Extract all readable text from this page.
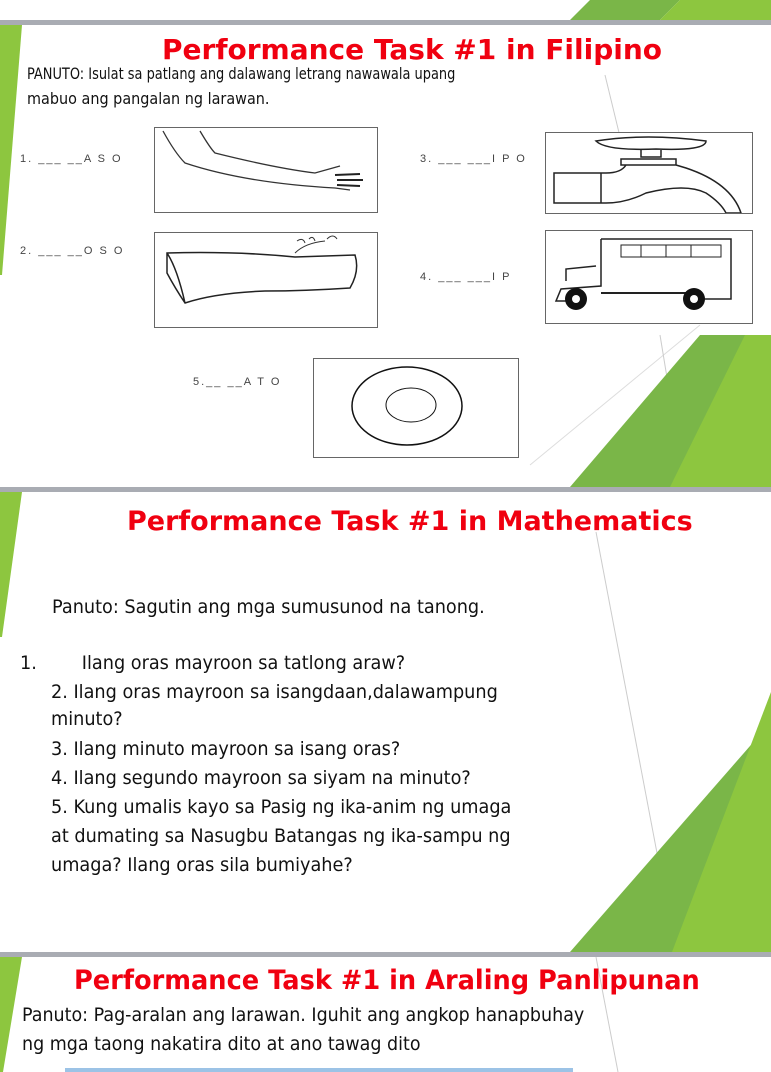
Performance Task #1 in Filipino
PANUTO: Isulat sa patlang ang dalawang letrang nawawala upang
mabuo ang pangalan ng larawan.
1. ___ __A S O	3. ___ ___I P O
2. ___ __O S O
4. ___ ___I P
5.__ __A T O
Performance Task #1 in Mathematics
Panuto: Sagutin ang mga sumusunod na tanong.
1.        Ilang oras mayroon sa tatlong araw?
2. Ilang oras mayroon sa isangdaan,dalawampung
minuto?
3. Ilang minuto mayroon sa isang oras?
4. Ilang segundo mayroon sa siyam na minuto?
5. Kung umalis kayo sa Pasig ng ika-anim ng umaga
at dumating sa Nasugbu Batangas ng ika-sampu ng
umaga? Ilang oras sila bumiyahe?
Performance Task #1 in Araling Panlipunan
Panuto: Pag-aralan ang larawan. Iguhit ang angkop hanapbuhay
ng mga taong nakatira dito at ano tawag dito
